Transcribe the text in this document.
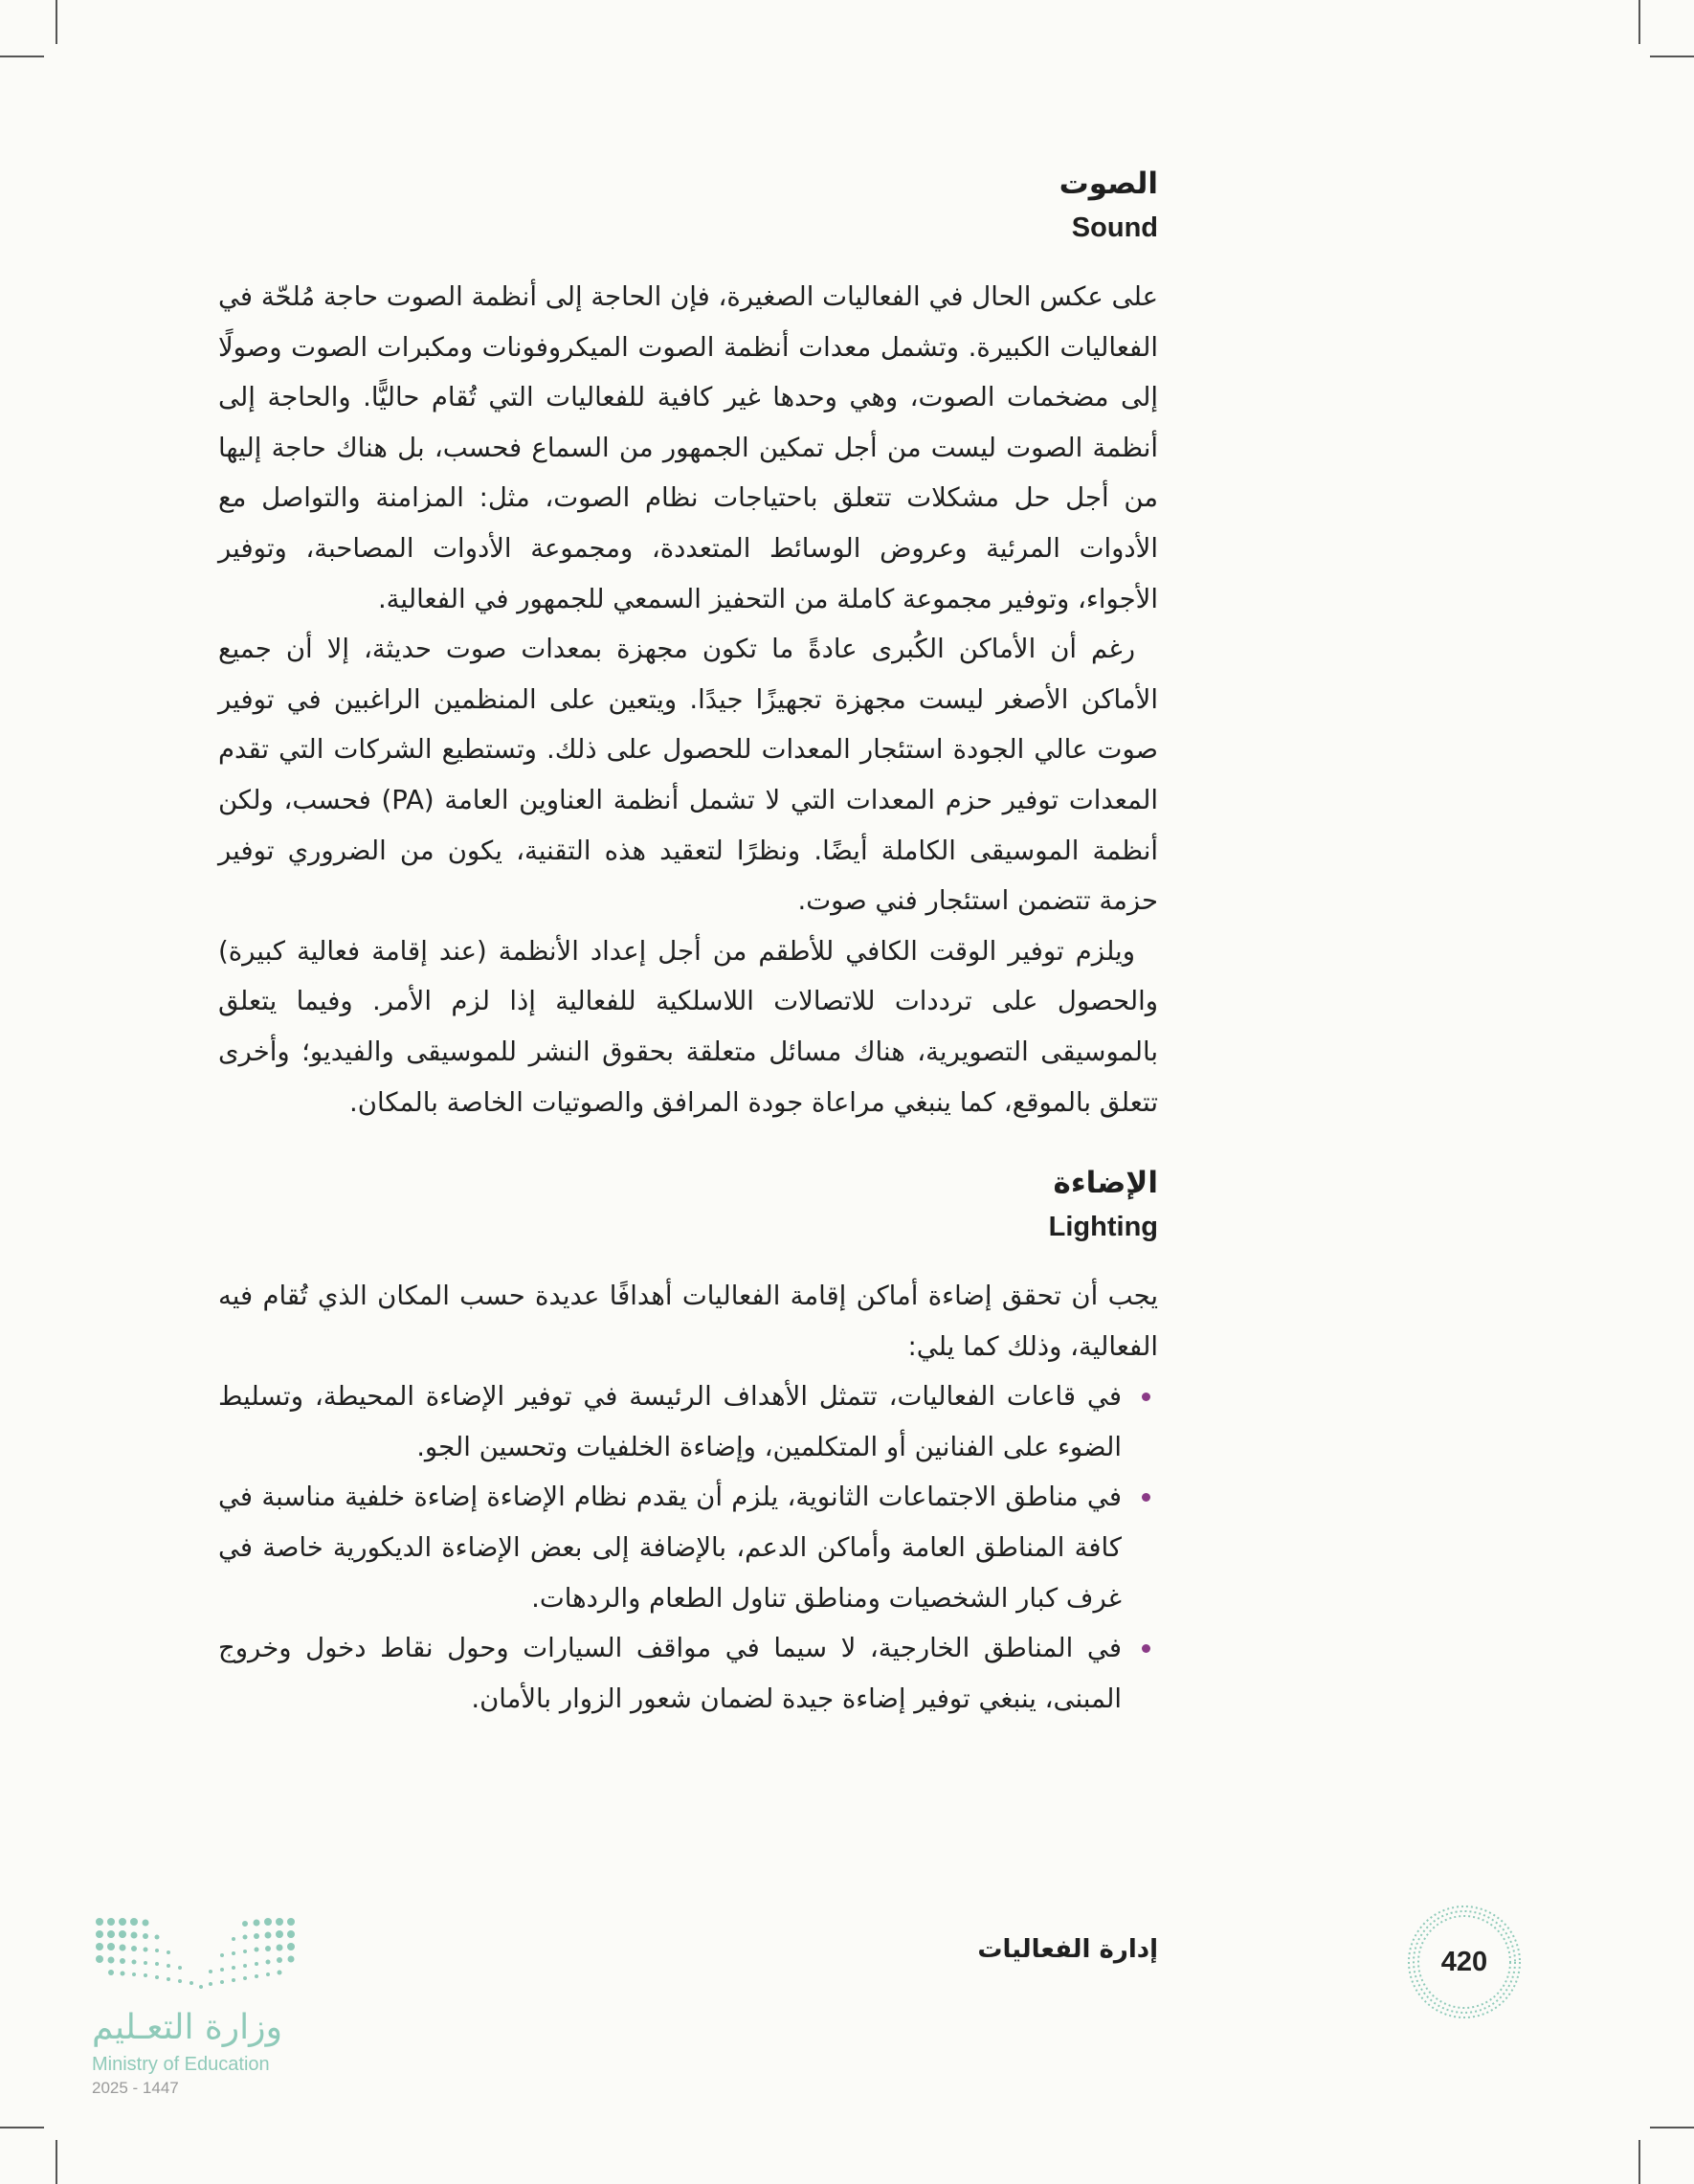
الصوت
Sound

على عكس الحال في الفعاليات الصغيرة، فإن الحاجة إلى أنظمة الصوت حاجة مُلحّة في الفعاليات الكبيرة. وتشمل معدات أنظمة الصوت الميكروفونات ومكبرات الصوت وصولًا إلى مضخمات الصوت، وهي وحدها غير كافية للفعاليات التي تُقام حاليًّا. والحاجة إلى أنظمة الصوت ليست من أجل تمكين الجمهور من السماع فحسب، بل هناك حاجة إليها من أجل حل مشكلات تتعلق باحتياجات نظام الصوت، مثل: المزامنة والتواصل مع الأدوات المرئية وعروض الوسائط المتعددة، ومجموعة الأدوات المصاحبة، وتوفير الأجواء، وتوفير مجموعة كاملة من التحفيز السمعي للجمهور في الفعالية.

رغم أن الأماكن الكُبرى عادةً ما تكون مجهزة بمعدات صوت حديثة، إلا أن جميع الأماكن الأصغر ليست مجهزة تجهيزًا جيدًا. ويتعين على المنظمين الراغبين في توفير صوت عالي الجودة استئجار المعدات للحصول على ذلك. وتستطيع الشركات التي تقدم المعدات توفير حزم المعدات التي لا تشمل أنظمة العناوين العامة (PA) فحسب، ولكن أنظمة الموسيقى الكاملة أيضًا. ونظرًا لتعقيد هذه التقنية، يكون من الضروري توفير حزمة تتضمن استئجار فني صوت.

ويلزم توفير الوقت الكافي للأطقم من أجل إعداد الأنظمة (عند إقامة فعالية كبيرة) والحصول على ترددات للاتصالات اللاسلكية للفعالية إذا لزم الأمر. وفيما يتعلق بالموسيقى التصويرية، هناك مسائل متعلقة بحقوق النشر للموسيقى والفيديو؛ وأخرى تتعلق بالموقع، كما ينبغي مراعاة جودة المرافق والصوتيات الخاصة بالمكان.

الإضاءة
Lighting

يجب أن تحقق إضاءة أماكن إقامة الفعاليات أهدافًا عديدة حسب المكان الذي تُقام فيه الفعالية، وذلك كما يلي:

في قاعات الفعاليات، تتمثل الأهداف الرئيسة في توفير الإضاءة المحيطة، وتسليط الضوء على الفنانين أو المتكلمين، وإضاءة الخلفيات وتحسين الجو.
في مناطق الاجتماعات الثانوية، يلزم أن يقدم نظام الإضاءة إضاءة خلفية مناسبة في كافة المناطق العامة وأماكن الدعم، بالإضافة إلى بعض الإضاءة الديكورية خاصة في غرف كبار الشخصيات ومناطق تناول الطعام والردهات.
في المناطق الخارجية، لا سيما في مواقف السيارات وحول نقاط دخول وخروج المبنى، ينبغي توفير إضاءة جيدة لضمان شعور الزوار بالأمان.
إدارة الفعاليات	420
وزارة التعـليم
Ministry of Education
2025 - 1447
